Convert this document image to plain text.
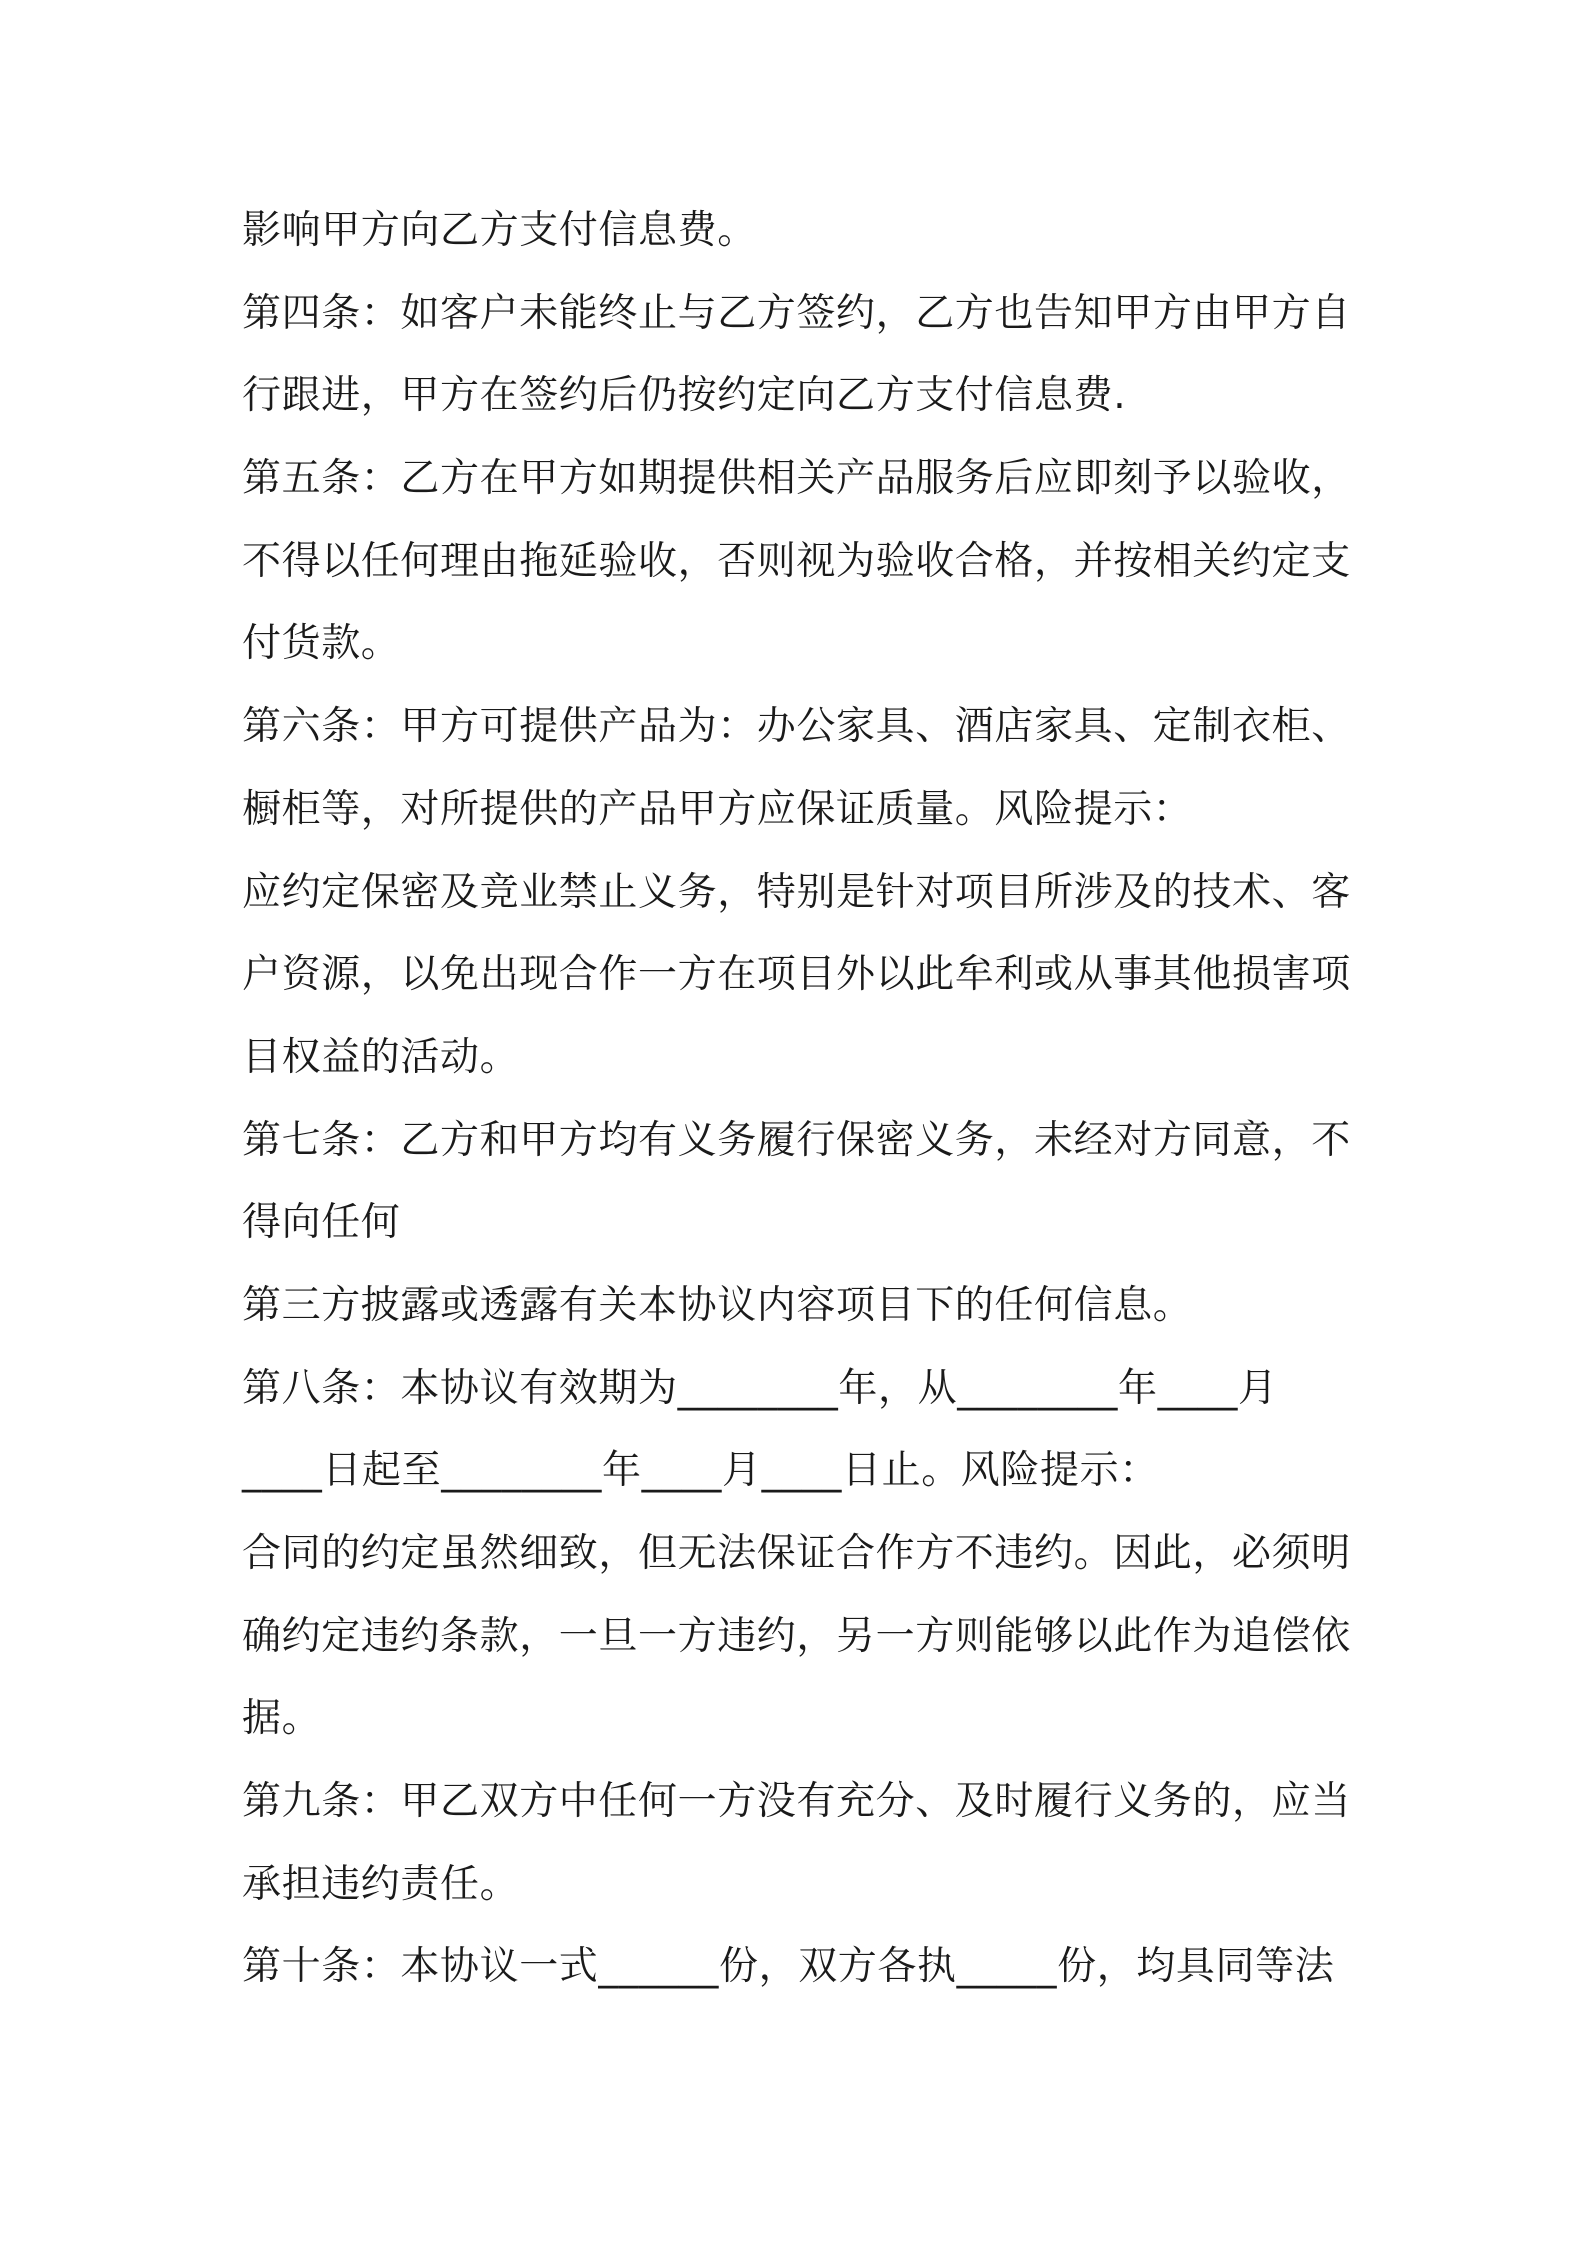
影响甲方向乙方支付信息费。
第四条：如客户未能终止与乙方签约，乙方也告知甲方由甲方自
行跟进，甲方在签约后仍按约定向乙方支付信息费.
第五条：乙方在甲方如期提供相关产品服务后应即刻予以验收，
不得以任何理由拖延验收，否则视为验收合格，并按相关约定支
付货款。
第六条：甲方可提供产品为：办公家具、酒店家具、定制衣柜、
橱柜等，对所提供的产品甲方应保证质量。风险提示：
应约定保密及竞业禁止义务，特别是针对项目所涉及的技术、客
户资源，以免出现合作一方在项目外以此牟利或从事其他损害项
目权益的活动。
第七条：乙方和甲方均有义务履行保密义务，未经对方同意，不
得向任何
第三方披露或透露有关本协议内容项目下的任何信息。
第八条：本协议有效期为________年，从________年____月
____日起至________年____月____日止。风险提示：
合同的约定虽然细致，但无法保证合作方不违约。因此，必须明
确约定违约条款，一旦一方违约，另一方则能够以此作为追偿依
据。
第九条：甲乙双方中任何一方没有充分、及时履行义务的，应当
承担违约责任。
第十条：本协议一式______份，双方各执_____份，均具同等法
